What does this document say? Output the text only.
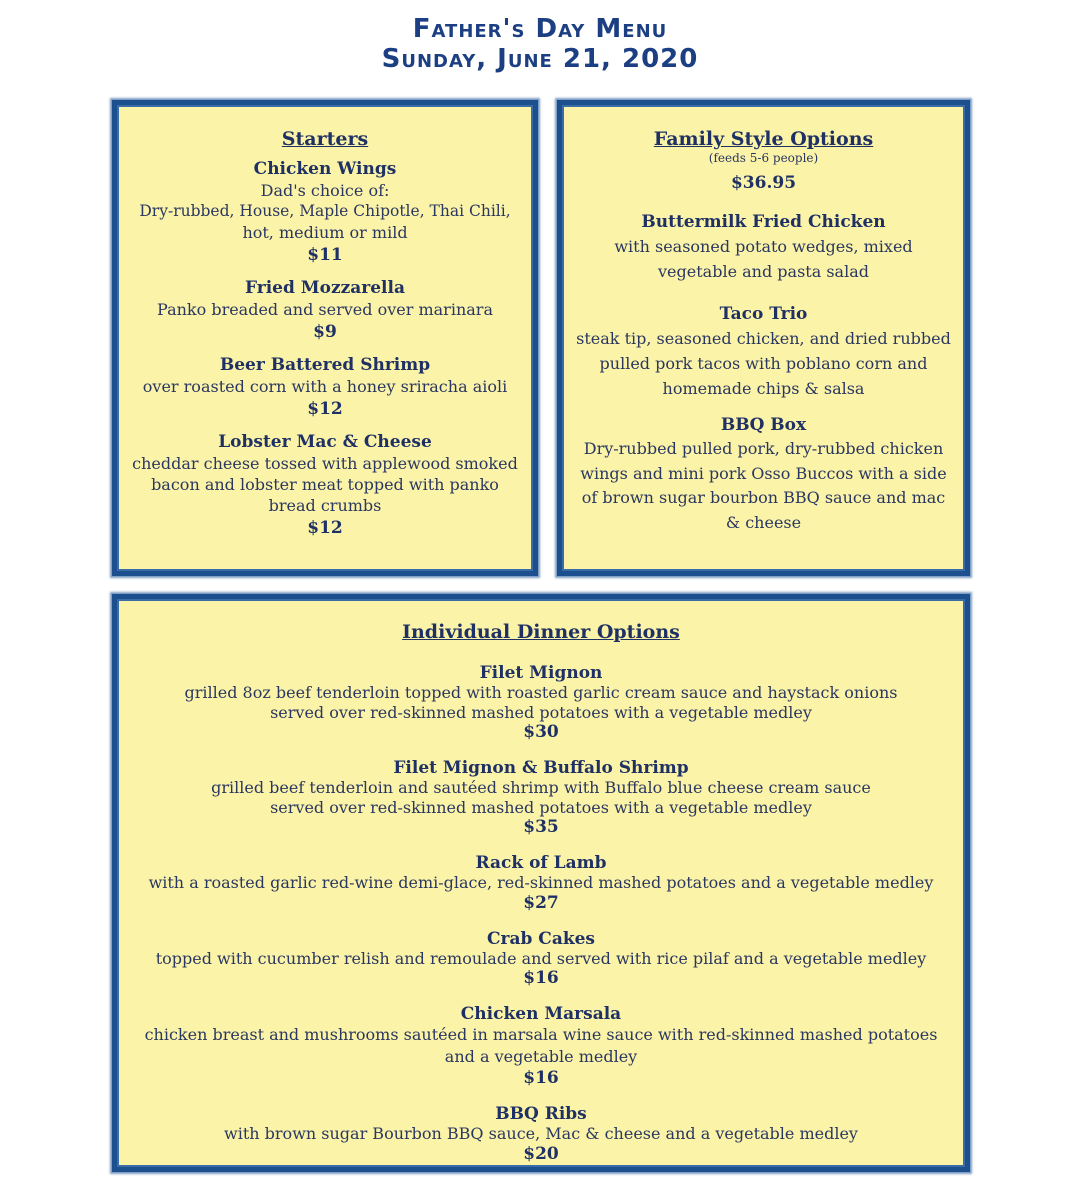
Father's Day Menu
Sunday, June 21, 2020
Starters
Chicken Wings
Dad's choice of:
Dry-rubbed, House, Maple Chipotle, Thai Chili,
hot, medium or mild
$11
Fried Mozzarella
Panko breaded and served over marinara
$9
Beer Battered Shrimp
over roasted corn with a honey sriracha aioli
$12
Lobster Mac & Cheese
cheddar cheese tossed with applewood smoked
bacon and lobster meat topped with panko
bread crumbs
$12
Family Style Options
(feeds 5-6 people)
$36.95
Buttermilk Fried Chicken
with seasoned potato wedges, mixed
vegetable and pasta salad
Taco Trio
steak tip, seasoned chicken, and dried rubbed
pulled pork tacos with poblano corn and
homemade chips & salsa
BBQ Box
Dry-rubbed pulled pork, dry-rubbed chicken
wings and mini pork Osso Buccos with a side
of brown sugar bourbon BBQ sauce and mac
& cheese
Individual Dinner Options
Filet Mignon
grilled 8oz beef tenderloin topped with roasted garlic cream sauce and haystack onions
served over red-skinned mashed potatoes with a vegetable medley
$30
Filet Mignon & Buffalo Shrimp
grilled beef tenderloin and sautéed shrimp with Buffalo blue cheese cream sauce
served over red-skinned mashed potatoes with a vegetable medley
$35
Rack of Lamb
with a roasted garlic red-wine demi-glace, red-skinned mashed potatoes and a vegetable medley
$27
Crab Cakes
topped with cucumber relish and remoulade and served with rice pilaf and a vegetable medley
$16
Chicken Marsala
chicken breast and mushrooms sautéed in marsala wine sauce with red-skinned mashed potatoes
and a vegetable medley
$16
BBQ Ribs
with brown sugar Bourbon BBQ sauce, Mac & cheese and a vegetable medley
$20
